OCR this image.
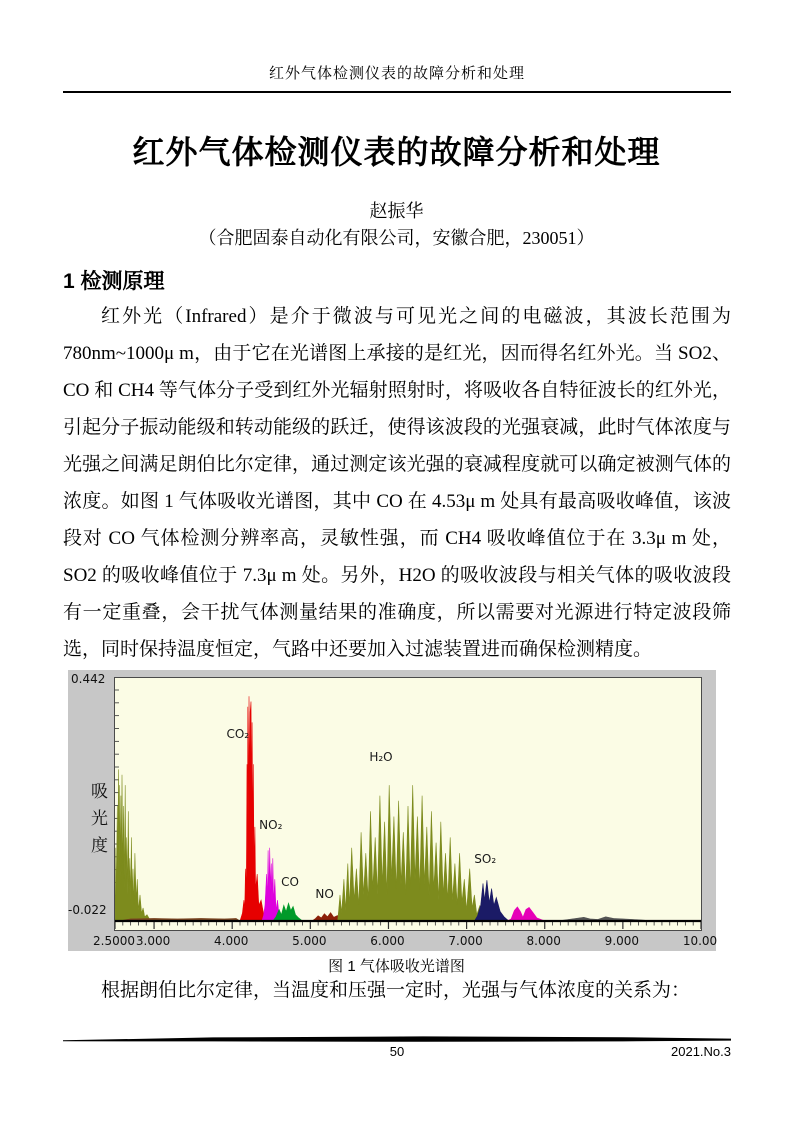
红外气体检测仪表的故障分析和处理
红外气体检测仪表的故障分析和处理
赵振华
（合肥固泰自动化有限公司，安徽合肥，230051）
1 检测原理

红外光（Infrared）是介于微波与可见光之间的电磁波，其波长范围为 780nm~1000μ m，由于它在光谱图上承接的是红光，因而得名红外光。当 SO2、CO 和 CH4 等气体分子受到红外光辐射照射时，将吸收各自特征波长的红外光，引起分子振动能级和转动能级的跃迁，使得该波段的光强衰减，此时气体浓度与光强之间满足朗伯比尔定律，通过测定该光强的衰减程度就可以确定被测气体的浓度。如图 1 气体吸收光谱图，其中 CO 在 4.53μ m 处具有最高吸收峰值，该波段对 CO 气体检测分辨率高，灵敏性强，而 CH4 吸收峰值位于在 3.3μ m 处，SO2 的吸收峰值位于 7.3μ m 处。另外，H2O 的吸收波段与相关气体的吸收波段有一定重叠，会干扰气体测量结果的准确度，所以需要对光源进行特定波段筛选，同时保持温度恒定，气路中还要加入过滤装置进而确保检测精度。

0.442
吸光度
-0.022
CO₂
NO₂
CO
NO
H₂O
SO₂
2.5000 3.000	4.000	5.000	6.000	7.000	8.000	9.000	10.00
图 1 气体吸收光谱图

根据朗伯比尔定律，当温度和压强一定时，光强与气体浓度的关系为：

50	2021.No.3
